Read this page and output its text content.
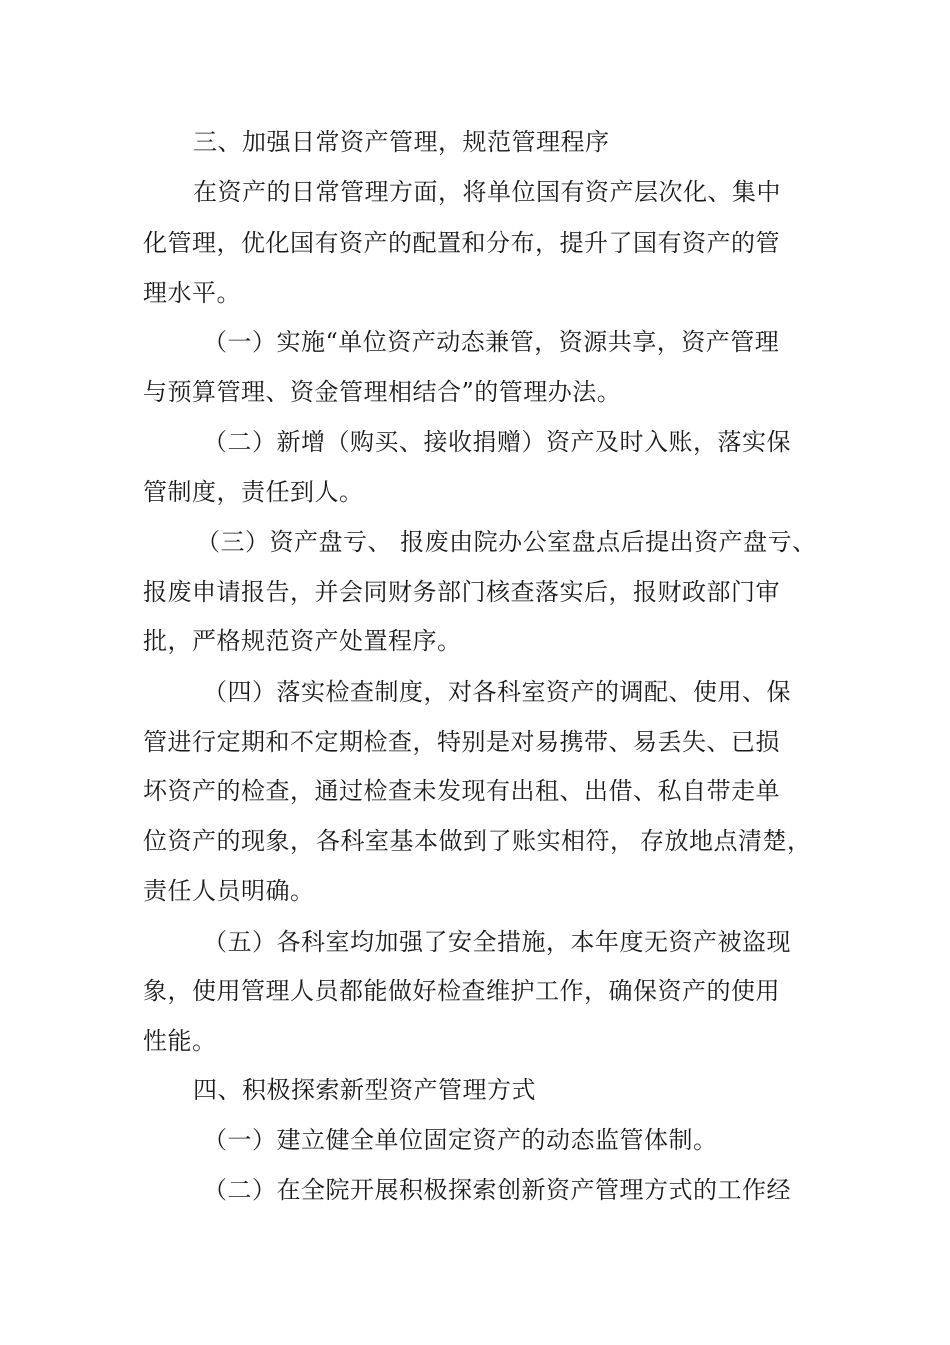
三、加强日常资产管理，规范管理程序
在资产的日常管理方面，将单位国有资产层次化、集中
化管理，优化国有资产的配置和分布，提升了国有资产的管
理水平。
（一）实施“单位资产动态兼管，资源共享，资产管理
与预算管理、资金管理相结合”的管理办法。
（二）新增（购买、接收捐赠）资产及时入账，落实保
管制度，责任到人。
（三）资产盘亏、 报废由院办公室盘点后提出资产盘亏、
报废申请报告，并会同财务部门核查落实后，报财政部门审
批，严格规范资产处置程序。
（四）落实检查制度，对各科室资产的调配、使用、保
管进行定期和不定期检查，特别是对易携带、易丢失、已损
坏资产的检查，通过检查未发现有出租、出借、私自带走单
位资产的现象， 各科室基本做到了账实相符， 存放地点清楚，
责任人员明确。
（五）各科室均加强了安全措施，本年度无资产被盗现
象，使用管理人员都能做好检查维护工作，确保资产的使用
性能。
四、积极探索新型资产管理方式
（一）建立健全单位固定资产的动态监管体制。
（二）在全院开展积极探索创新资产管理方式的工作经
